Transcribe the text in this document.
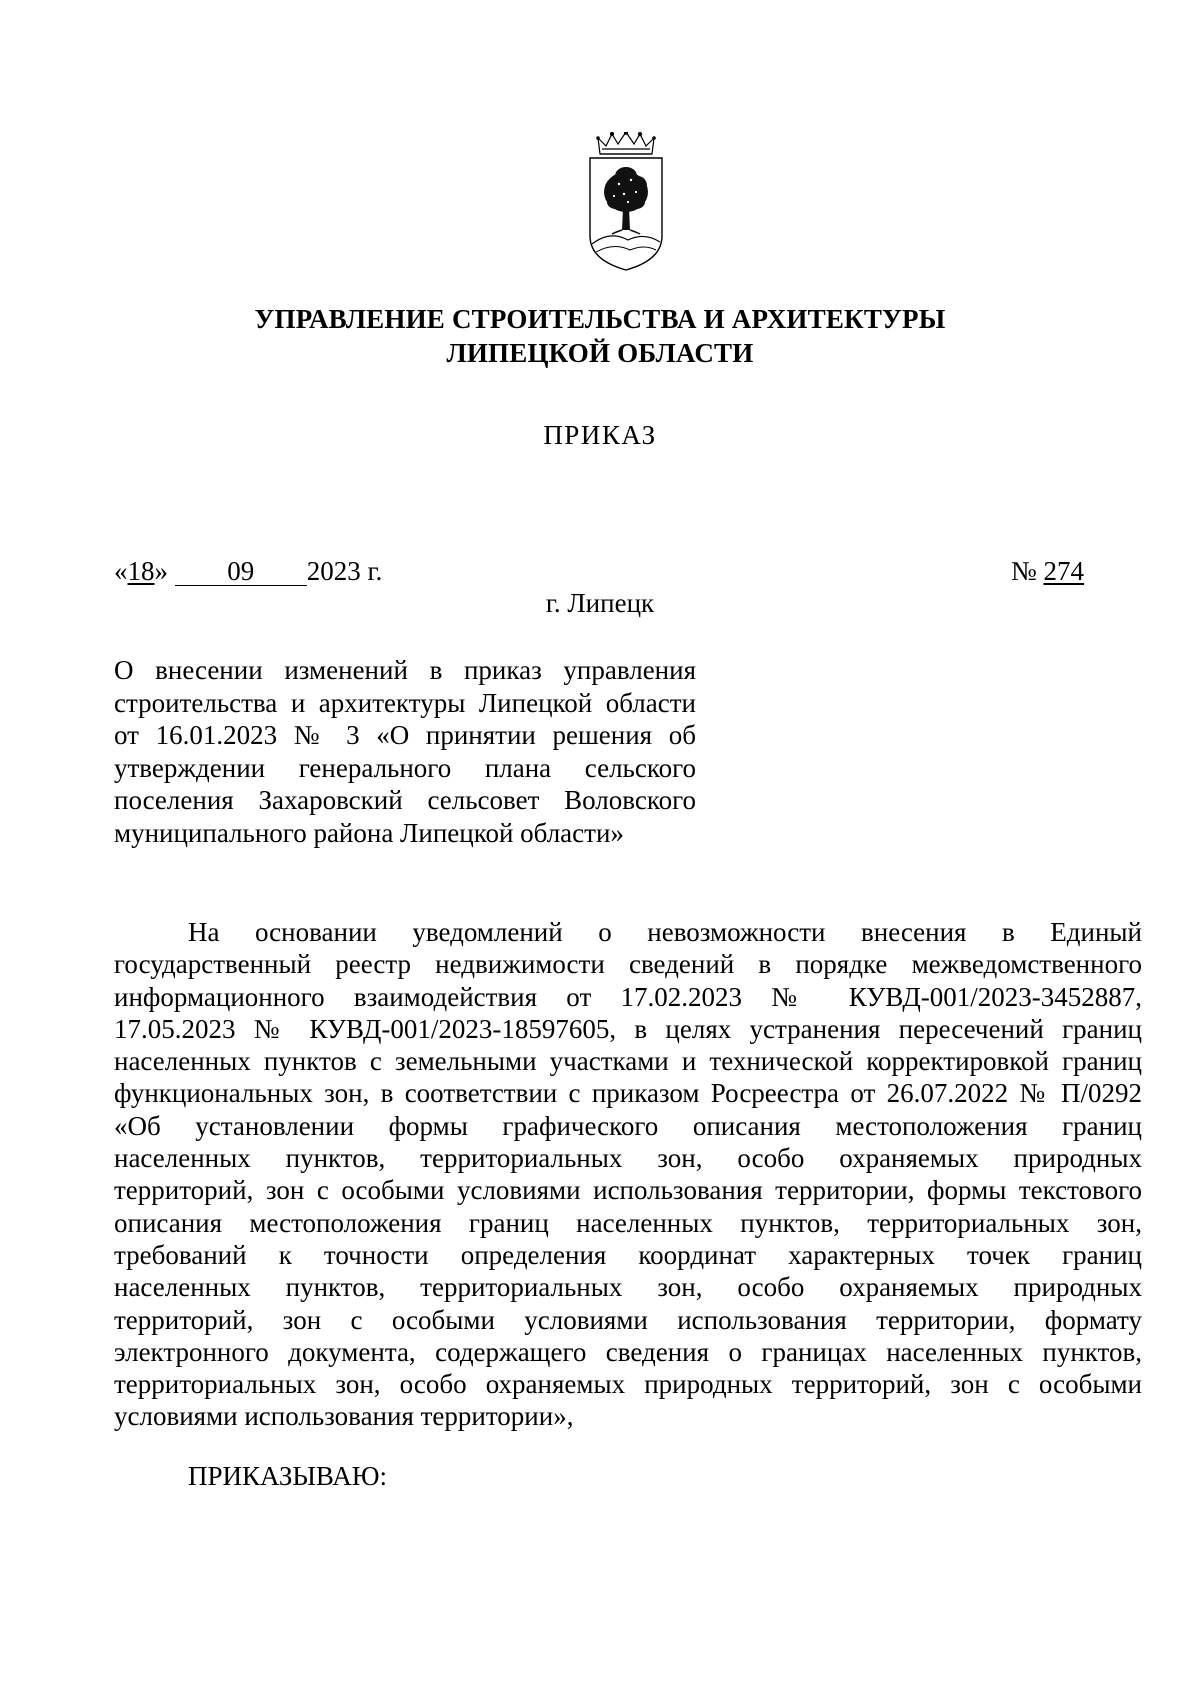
УПРАВЛЕНИЕ СТРОИТЕЛЬСТВА И АРХИТЕКТУРЫ
ЛИПЕЦКОЙ ОБЛАСТИ
ПРИКАЗ
«18» 09 2023 г.	№ 274
г. Липецк
О внесении изменений в приказ управления
строительства и архитектуры Липецкой области
от 16.01.2023 № 3 «О принятии решения об
утверждении генерального плана сельского
поселения Захаровский сельсовет Воловского
муниципального района Липецкой области»
На основании уведомлений о невозможности внесения в Единый
государственный реестр недвижимости сведений в порядке межведомственного
информационного взаимодействия от 17.02.2023 № КУВД-001/2023-3452887,
17.05.2023 № КУВД-001/2023-18597605, в целях устранения пересечений границ
населенных пунктов с земельными участками и технической корректировкой границ
функциональных зон, в соответствии с приказом Росреестра от 26.07.2022 № П/0292
«Об установлении формы графического описания местоположения границ
населенных пунктов, территориальных зон, особо охраняемых природных
территорий, зон с особыми условиями использования территории, формы текстового
описания местоположения границ населенных пунктов, территориальных зон,
требований к точности определения координат характерных точек границ
населенных пунктов, территориальных зон, особо охраняемых природных
территорий, зон с особыми условиями использования территории, формату
электронного документа, содержащего сведения о границах населенных пунктов,
территориальных зон, особо охраняемых природных территорий, зон с особыми
условиями использования территории»,
ПРИКАЗЫВАЮ:
